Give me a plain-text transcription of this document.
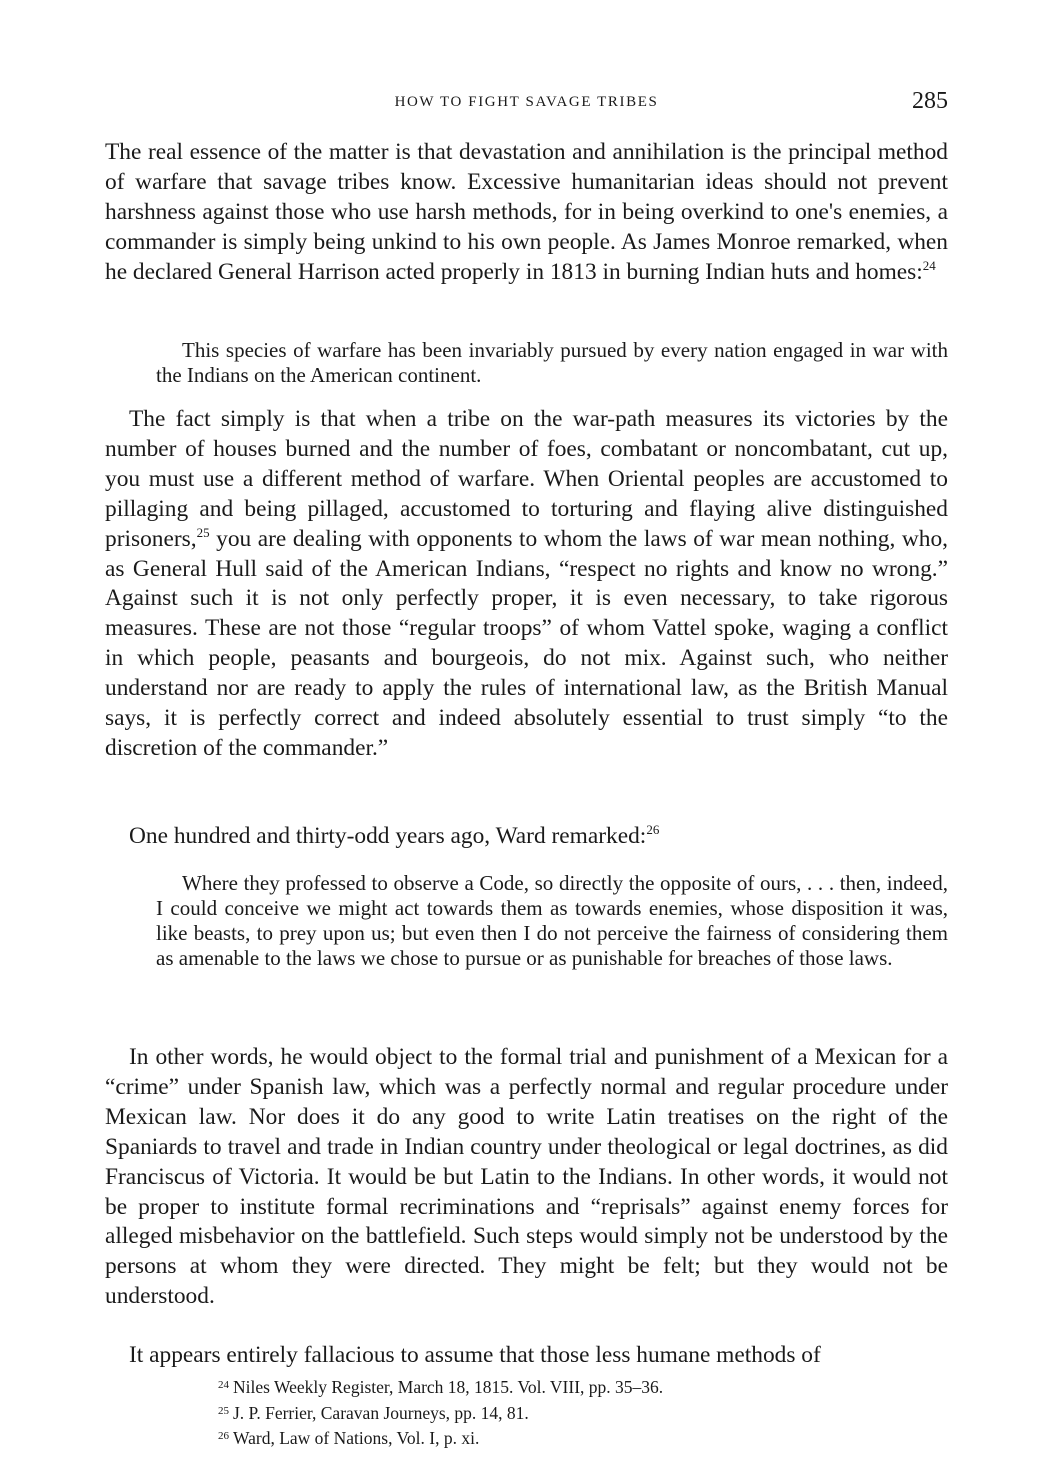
HOW TO FIGHT SAVAGE TRIBES	285

The real essence of the matter is that devastation and annihilation is the principal method of warfare that savage tribes know. Excessive humanitarian ideas should not prevent harshness against those who use harsh methods, for in being overkind to one's enemies, a commander is simply being unkind to his own people. As James Monroe remarked, when he declared General Harrison acted properly in 1813 in burning Indian huts and homes:$^{24}$

This species of warfare has been invariably pursued by every nation engaged in war with the Indians on the American continent.

The fact simply is that when a tribe on the war-path measures its victories by the number of houses burned and the number of foes, combatant or noncombatant, cut up, you must use a different method of warfare. When Oriental peoples are accustomed to pillaging and being pillaged, accustomed to torturing and flaying alive distinguished prisoners,$^{25}$ you are dealing with opponents to whom the laws of war mean nothing, who, as General Hull said of the American Indians, “respect no rights and know no wrong.” Against such it is not only perfectly proper, it is even necessary, to take rigorous measures. These are not those “regular troops” of whom Vattel spoke, waging a conflict in which people, peasants and bourgeois, do not mix. Against such, who neither understand nor are ready to apply the rules of international law, as the British Manual says, it is perfectly correct and indeed absolutely essential to trust simply “to the discretion of the commander.”

One hundred and thirty-odd years ago, Ward remarked:$^{26}$

Where they professed to observe a Code, so directly the opposite of ours, . . . then, indeed, I could conceive we might act towards them as towards enemies, whose disposition it was, like beasts, to prey upon us; but even then I do not perceive the fairness of considering them as amenable to the laws we chose to pursue or as punishable for breaches of those laws.

In other words, he would object to the formal trial and punishment of a Mexican for a “crime” under Spanish law, which was a perfectly normal and regular procedure under Mexican law. Nor does it do any good to write Latin treatises on the right of the Spaniards to travel and trade in Indian country under theological or legal doctrines, as did Franciscus of Victoria. It would be but Latin to the Indians. In other words, it would not be proper to institute formal recriminations and “reprisals” against enemy forces for alleged misbehavior on the battlefield. Such steps would simply not be understood by the persons at whom they were directed. They might be felt; but they would not be understood.

It appears entirely fallacious to assume that those less humane methods of

$^{24}$ Niles Weekly Register, March 18, 1815. Vol. VIII, pp. 35–36.
$^{25}$ J. P. Ferrier, Caravan Journeys, pp. 14, 81.
$^{26}$ Ward, Law of Nations, Vol. I, p. xi.
